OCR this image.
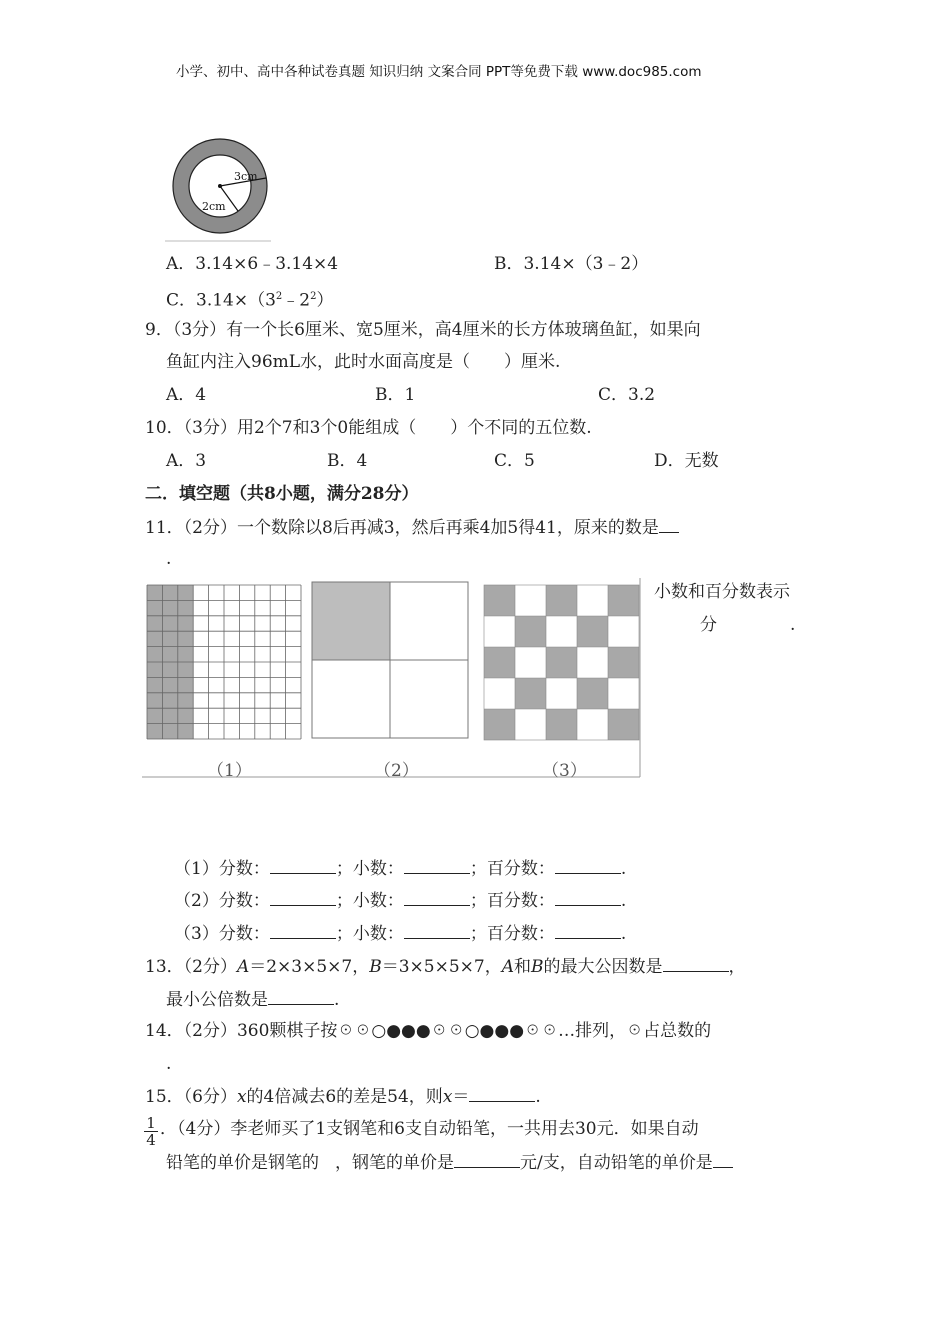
小学、初中、高中各种试卷真题 知识归纳 文案合同 PPT等免费下载 www.doc985.com
3cm
2cm
A．3.14×6﹣3.14×4	B．3.14×（3﹣2）
C．$3.14\times(3^2﹣2^2)$
9．（3分）有一个长6厘米、宽5厘米，高4厘米的长方体玻璃鱼缸，如果向
鱼缸内注入96mL水，此时水面高度是（　　）厘米.
A．4	B．1	C．3.2
10．（3分）用2个7和3个0能组成（　　）个不同的五位数.
A．3	B．4	C．5	D．无数
二．填空题（共8小题，满分28分）
11．（2分）一个数除以8后再减3，然后再乘4加5得41，原来的数是
.
（1）	（2）	（3）
小数和百分数表示
分	.
（1）分数：	；小数：	；百分数：	.
（2）分数：	；小数：	；百分数：	.
（3）分数：	；小数：	；百分数：	.
13．（2分）A＝2×3×5×7，B＝3×5×5×7，A和B的最大公因数是	，
最小公倍数是	.
14．（2分）360颗棋子按☉☉○●●●☉☉○●●●☉☉…排列，☉占总数的
.
15．（6分）x的4倍减去6的差是54，则x＝	.
$\frac{1}{4}$ ．（4分）李老师买了1支钢笔和6支自动铅笔，一共用去30元．如果自动
铅笔的单价是钢笔的 ，钢笔的单价是	元/支，自动铅笔的单价是
